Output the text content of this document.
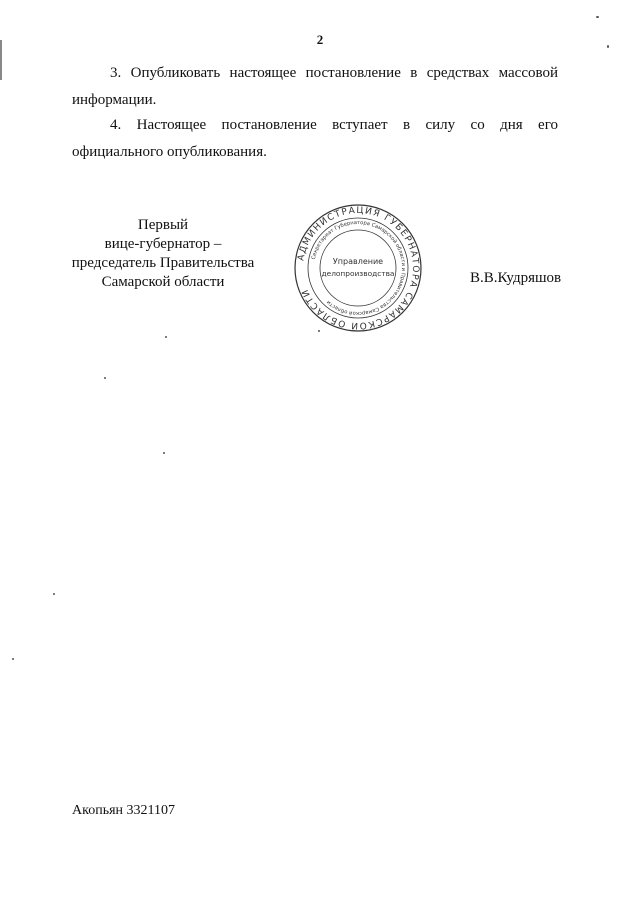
2
3. Опубликовать настоящее постановление в средствах массовой
информации.
4. Настоящее постановление вступает в силу со дня его
официального опубликования.
Первый
вице-губернатор –
председатель Правительства
Самарской области
АДМИНИСТРАЦИЯ ГУБЕРНАТОРА САМАРСКОЙ ОБЛАСТИ
Секретариат Губернатора Самарской области и Правительства Самарской области
Управление
делопроизводства	В.В.Кудряшов
Акопьян 3321107
